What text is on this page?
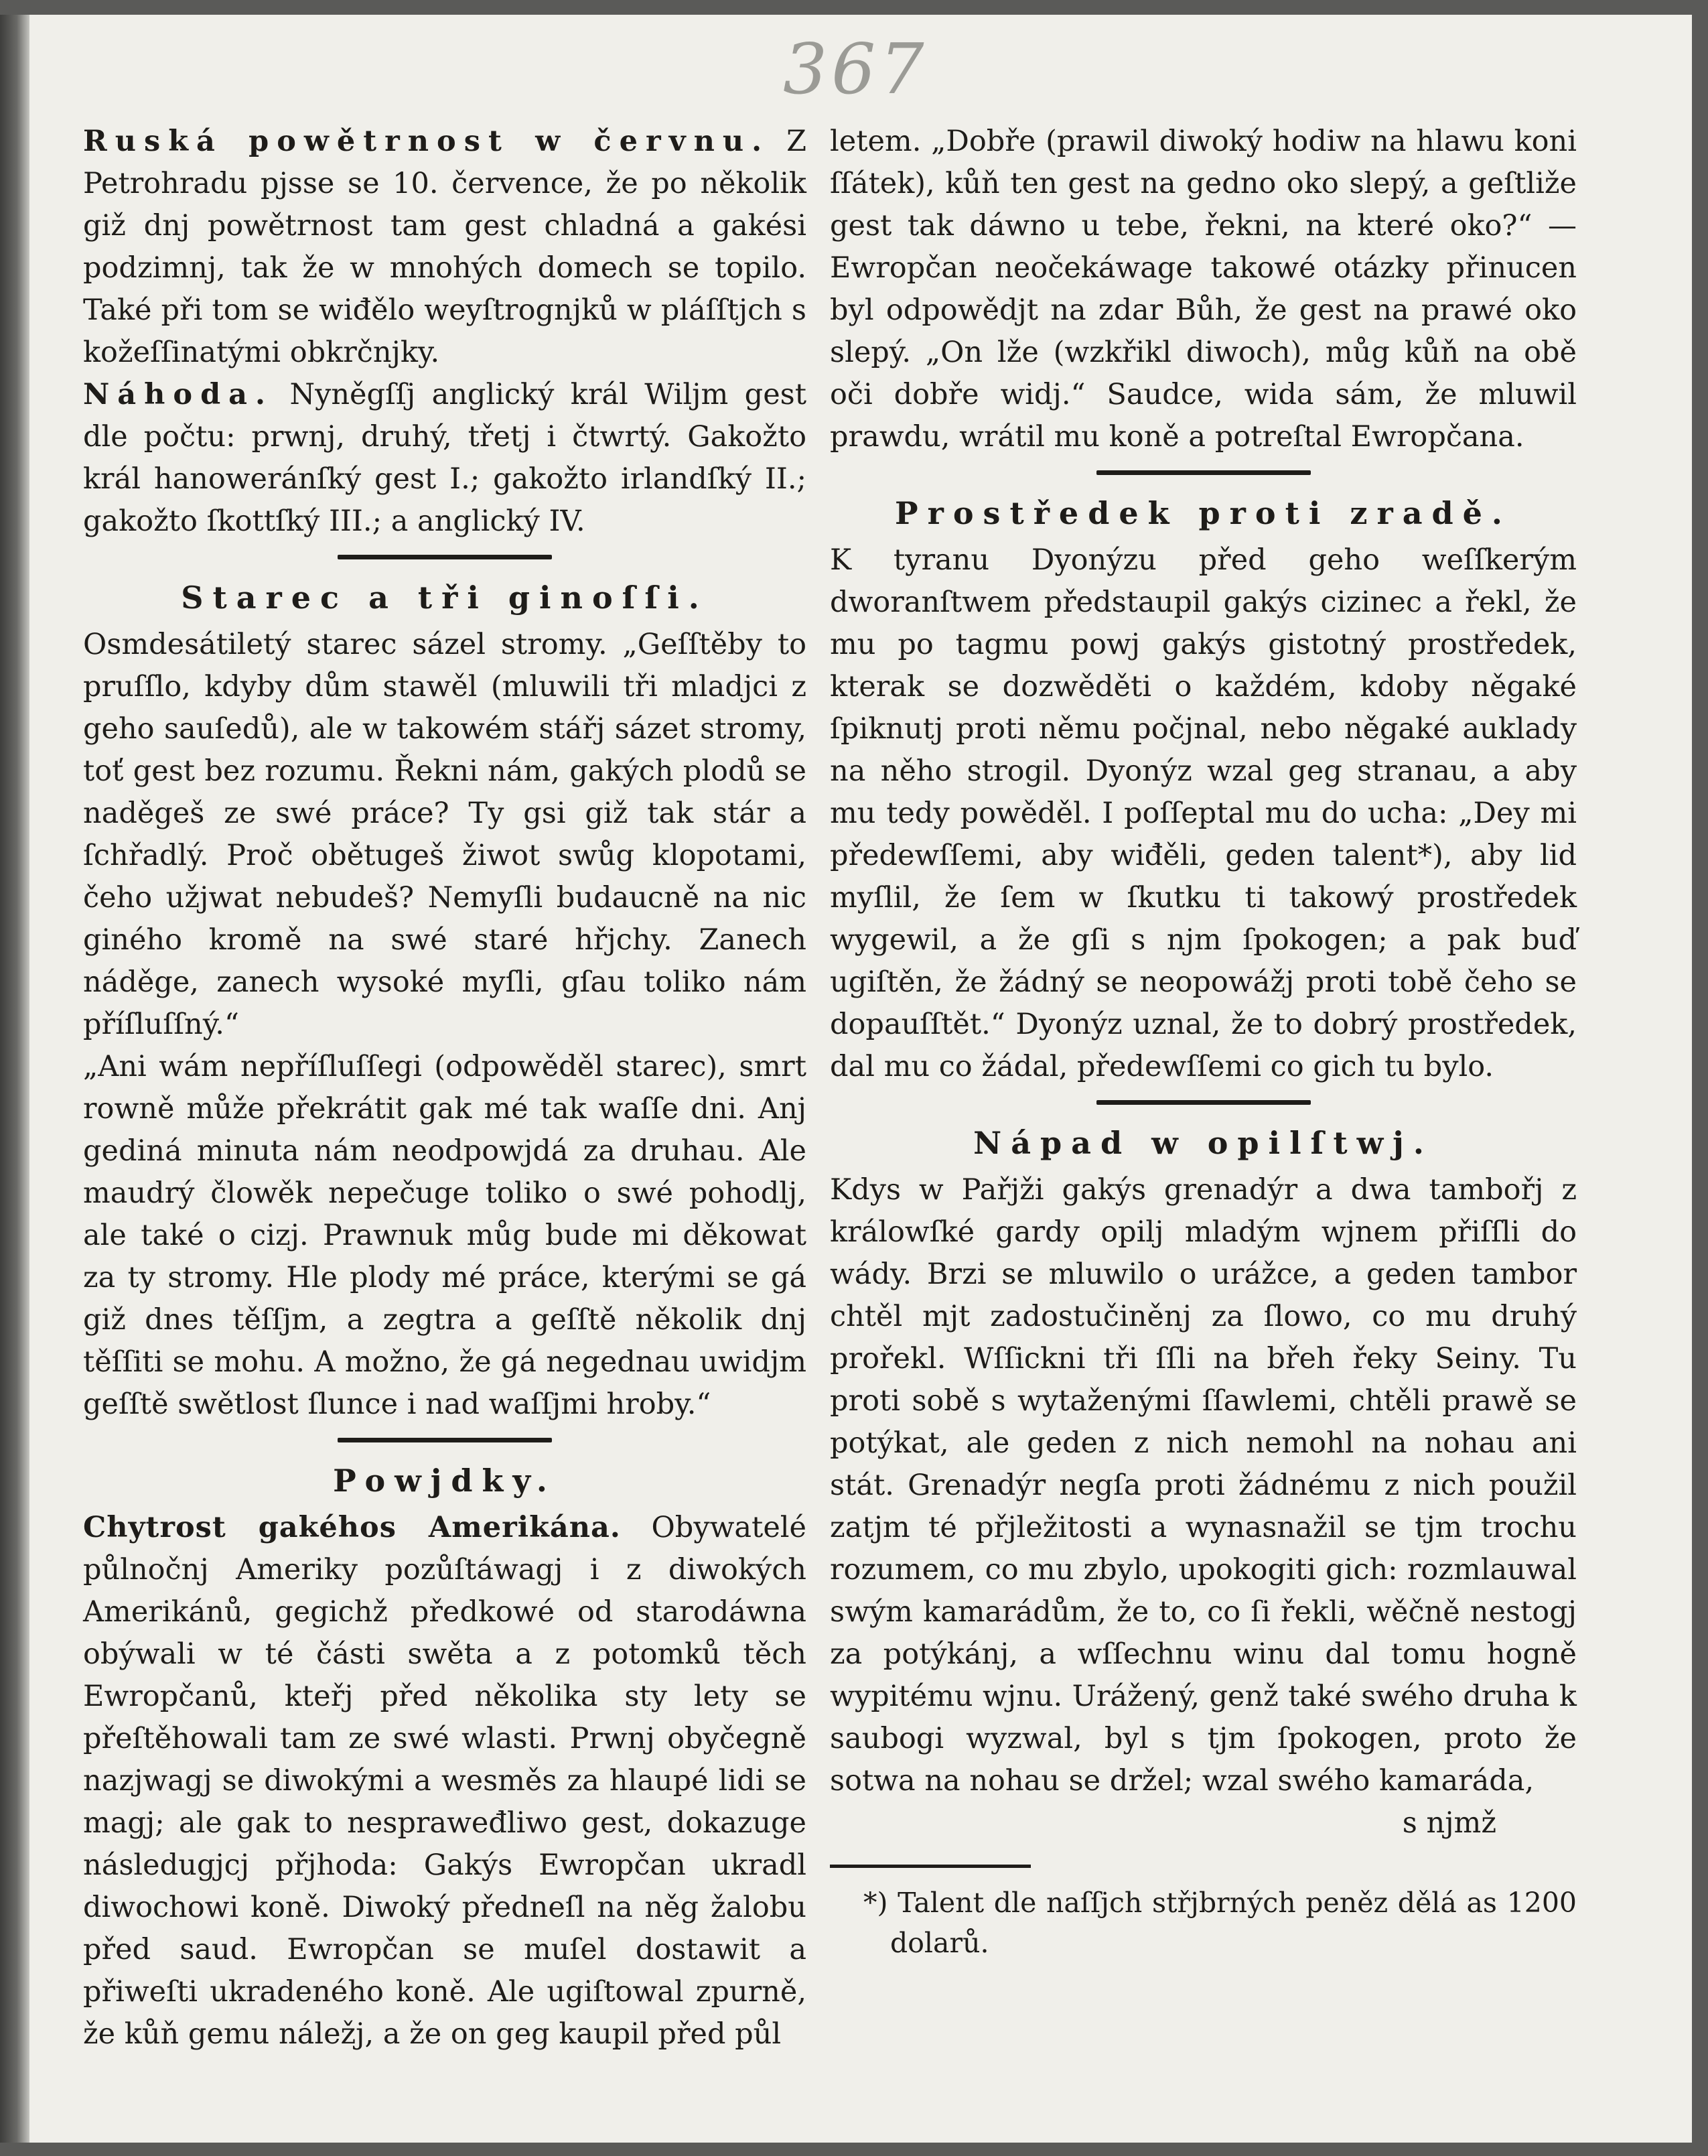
367

Ruská powětrnost w červnu. Z Petrohradu pjsse se 10. července, že po několik giž dnj powětrnost tam gest chladná a gakési podzimnj, tak že w mnohých domech se topilo. Také při tom se wiđělo weyſtrognjků w pláſſtjch s kožeſſinatými obkrčnjky.

Náhoda. Nyněgſſj anglický král Wiljm gest dle počtu: prwnj, druhý, třetj i čtwrtý. Gakožto král hanoweránſký gest I.; gakožto irlandſký II.; gakožto ſkottſký III.; a anglický IV.

Starec a tři ginoſſi.

Osmdesátiletý starec sázel stromy. „Geſſtěby to pruſſlo, kdyby dům stawěl (mluwili tři mladjci z geho sauſedů), ale w takowém stářj sázet stromy, toť gest bez rozumu. Řekni nám, gakých plodů se naděgeš ze swé práce? Ty gsi giž tak stár a ſchřadlý. Proč obětugeš žiwot swůg klopotami, čeho užjwat nebudeš? Nemyſli budaucně na nic giného kromě na swé staré hřjchy. Zanech náděge, zanech wysoké myſli, gſau toliko nám příſluſſný.“

„Ani wám nepříſluſſegi (odpowěděl starec), smrt rowně může překrátit gak mé tak waſſe dni. Anj gediná minuta nám neodpowjdá za druhau. Ale maudrý člowěk nepečuge toliko o swé pohodlj, ale také o cizj. Prawnuk můg bude mi děkowat za ty stromy. Hle plody mé práce, kterými se gá giž dnes těſſjm, a zegtra a geſſtě několik dnj těſſiti se mohu. A možno, že gá negednau uwidjm geſſtě swětlost ſlunce i nad waſſjmi hroby.“

Powjdky.

Chytrost gakéhos Amerikána. Obywatelé půlnočnj Ameriky pozůſtáwagj i z diwokých Amerikánů, gegichž předkowé od starodáwna obýwali w té části swěta a z potomků těch Ewropčanů, kteřj před několika sty lety se přeſtěhowali tam ze swé wlasti. Prwnj obyčegně nazjwagj se diwokými a wesměs za hlaupé lidi se magj; ale gak to nespraweđliwo gest, dokazuge následugjcj přjhoda: Gakýs Ewropčan ukradl diwochowi koně. Diwoký předneſl na něg žalobu před saud. Ewropčan se muſel dostawit a přiweſti ukradeného koně. Ale ugiſtowal zpurně, že kůň gemu náležj, a že on geg kaupil před půl

letem. „Dobře (prawil diwoký hodiw na hlawu koni ſſátek), kůň ten gest na gedno oko slepý, a geſtližе gest tak dáwno u tebe, řekni, na které oko?“ — Ewropčan neočekáwage takowé otázky přinucen byl odpowědjt na zdar Bůh, že gest na prawé oko slepý. „On lže (wzkřikl diwoch), můg kůň na obě oči dobře widj.“ Saudce, wida sám, že mluwil prawdu, wrátil mu koně a potreſtal Ewropčana.

Prostředek proti zradě.

K tyranu Dyonýzu před geho weſſkerým dworanſtwem předstaupil gakýs cizinec a řekl, že mu po tagmu powj gakýs gistotný prostředek, kterak se dozwěděti o každém, kdoby něgaké ſpiknutj proti němu počjnal, nebo něgaké auklady na něho strogil. Dyonýz wzal geg stranau, a aby mu tedy powěděl. I poſſeptal mu do ucha: „Dey mi předewſſemi, aby wiđěli, geden talent*), aby lid myſlil, že ſem w ſkutku ti takowý prostředek wygewil, a že gſi s njm ſpokogen; a pak buď ugiſtěn, že žádný se neopowážj proti tobě čeho se dopauſſtět.“ Dyonýz uznal, že to dobrý prostředek, dal mu co žádal, předewſſemi co gich tu bylo.

Nápad w opilſtwj.

Kdys w Pařjži gakýs grenadýr a dwa tambořj z králowſké gardy opilj mladým wjnem přiſſli do wády. Brzi se mluwilo o urážce, a geden tambor chtěl mjt zadostučiněnj za ſlowo, co mu druhý prořekl. Wſſickni tři ſſli na břeh řeky Seiny. Tu proti sobě s wytaženými ſſawlemi, chtěli prawě se potýkat, ale geden z nich nemohl na nohau ani stát. Grenadýr negſa proti žádnému z nich použil zatjm té přjležitosti a wynasnažil se tjm trochu rozumem, co mu zbylo, upokogiti gich: rozmlauwal swým kamarádům, že to, co ſi řekli, wěčně nestogj za potýkánj, a wſſechnu winu dal tomu hogně wypitému wjnu. Urážený, genž také swého druha k saubogi wyzwal, byl s tjm ſpokogen, proto že sotwa na nohau se držel; wzal swého kamaráda,

s njmž

*) Talent dle naſſjch střjbrných peněz dělá as 1200 dolarů.
